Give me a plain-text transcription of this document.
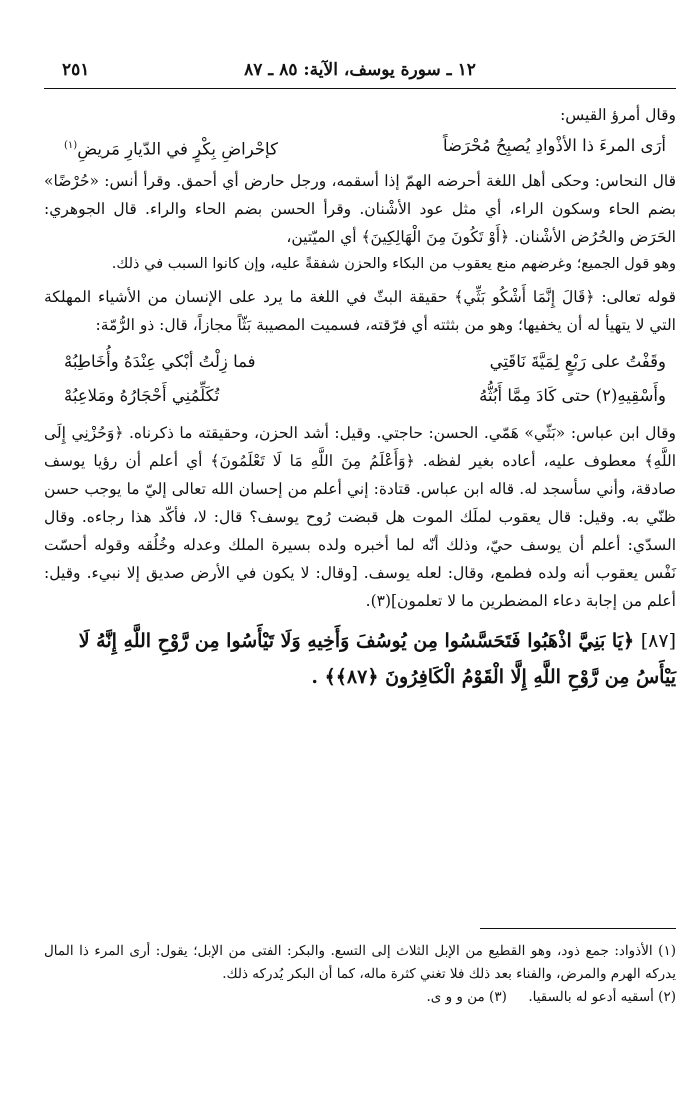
١٢ ـ سورة يوسف، الآية: ٨٥ ـ ٨٧
٢٥١

وقال أمرؤ القيس:

أرَى المرءَ ذا الأذْوادِ يُصبِحُ مُحْرَضاً
كإحْراضِ بِكْرٍ في الدّيارِ مَريضِ$^{(١)}$

قال النحاس: وحكى أهل اللغة أحرضه الهمّ إذا أسقمه، ورجل حارض أي أحمق. وقرأ أنس: «حُرْضًا» بضم الحاء وسكون الراء، أي مثل عود الأشْنان. وقرأ الحسن بضم الحاء والراء. قال الجوهري: الحَرَض والحُرُض الأشْنان. ﴿أَوْ تَكُونَ مِنَ الْهَالِكِينَ﴾ أي الميّتين،

وهو قول الجميع؛ وغرضهم منع يعقوب من البكاء والحزن شفقةً عليه، وإن كانوا السبب في ذلك.

قوله تعالى: ﴿قَالَ إِنَّمَا أَشْكُو بَثِّي﴾ حقيقة البثّ في اللغة ما يرد على الإنسان من الأشياء المهلكة التي لا يتهيأ له أن يخفيها؛ وهو من بثثته أي فرّقته، فسميت المصيبة بَثّاً مجازاً، قال: ذو الرُّمّة:

وقَفْتُ على رَبْعٍ لِمَيَّةَ نَاقَتِي
فما زِلْتُ أبْكي عِنْدَهُ وأُخَاطِبُهْ
وأَسْقِيهِ(٢) حتى كَادَ مِمَّا أَبُثُّهُ
تُكَلِّمُنِي أَحْجَارُهُ ومَلاعِبُهْ

وقال ابن عباس: «بَثّي» هَمّي. الحسن: حاجتي. وقيل: أشد الحزن، وحقيقته ما ذكرناه. ﴿وَحُزْنِي إِلَى اللَّهِ﴾ معطوف عليه، أعاده بغير لفظه. ﴿وَأَعْلَمُ مِنَ اللَّهِ مَا لَا تَعْلَمُونَ﴾ أي أعلم أن رؤيا يوسف صادقة، وأني سأسجد له. قاله ابن عباس. قتادة: إني أعلم من إحسان الله تعالى إليّ ما يوجب حسن ظنّي به. وقيل: قال يعقوب لملَك الموت هل قبضت رُوح يوسف؟ قال: لا، فأكّد هذا رجاءه. وقال السدّي: أعلم أن يوسف حيّ، وذلك أنّه لما أخبره ولده بسيرة الملك وعدله وخُلُقه وقوله أحسّت نَفْس يعقوب أنه ولده فطمع، وقال: لعله يوسف. [وقال: لا يكون في الأرض صديق إلا نبيء. وقيل: أعلم من إجابة دعاء المضطرين ما لا تعلمون](٣).

[٨٧] ﴿يَا بَنِيَّ اذْهَبُوا فَتَحَسَّسُوا مِن يُوسُفَ وَأَخِيهِ وَلَا تَيْأَسُوا مِن رَّوْحِ اللَّهِ إِنَّهُ لَا يَيْأَسُ مِن رَّوْحِ اللَّهِ إِلَّا الْقَوْمُ الْكَافِرُونَ ﴿٨٧﴾﴾ .

(١) الأذواد: جمع ذود، وهو القطيع من الإبل الثلاث إلى التسع. والبكر: الفتى من الإبل؛ يقول: أرى المرء ذا المال يدركه الهرم والمرض، والفناء بعد ذلك فلا تغني كثرة ماله، كما أن البكر يُدركه ذلك.

(٢) أسقيه أدعو له بالسقيا.     (٣) من و و ى.
